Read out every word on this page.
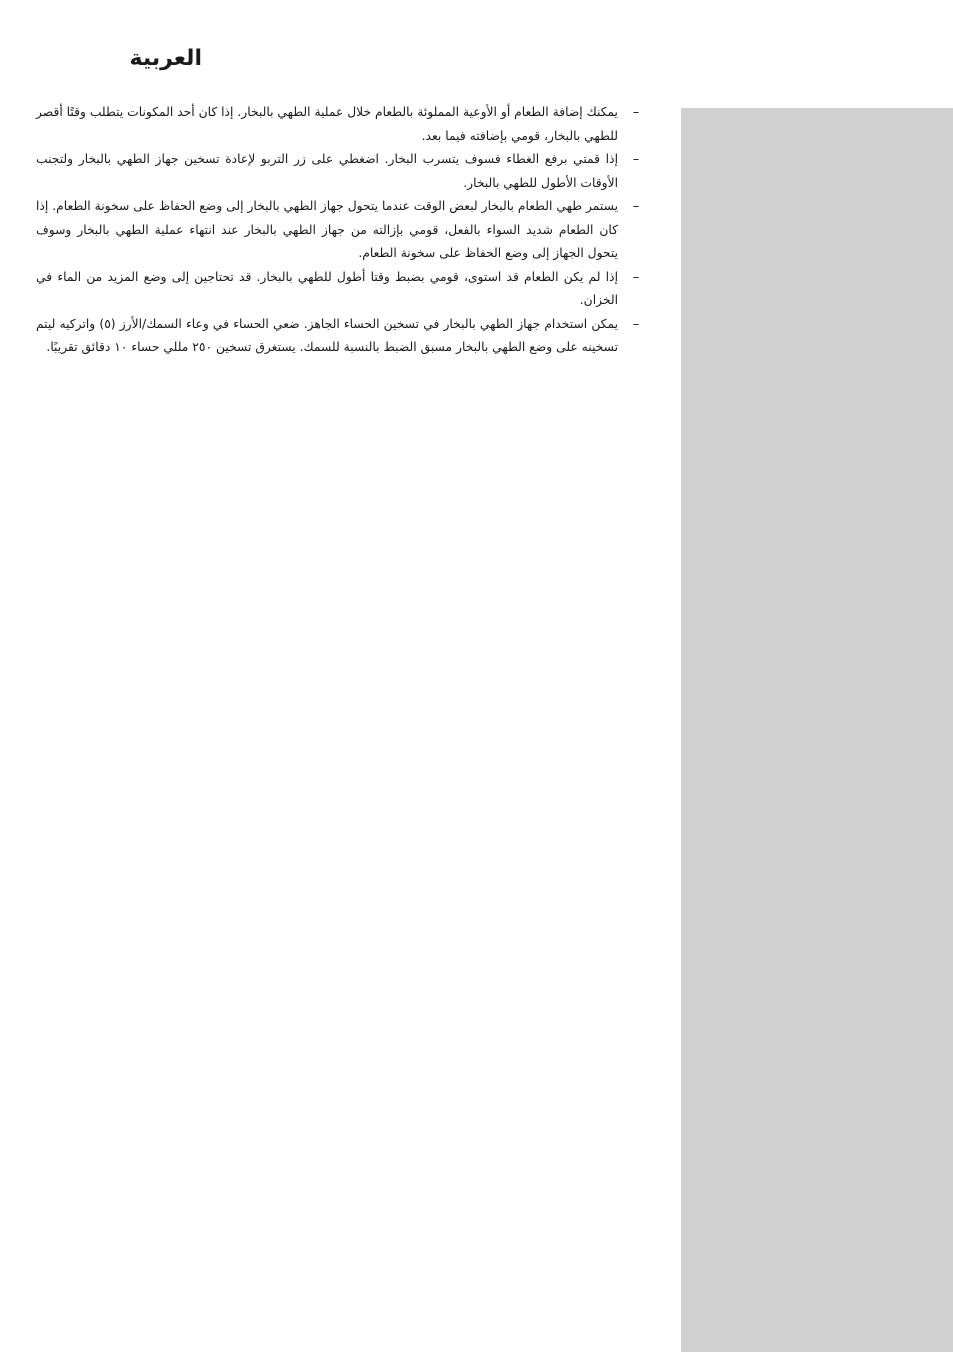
العربية
–

يمكنك إضافة الطعام أو الأوعية المملوئة بالطعام خلال عملية الطهي بالبخار. إذا كان أحد المكونات يتطلب وقتًا أقصر للطهي بالبخار، قومي بإضافته فيما بعد.

–

إذا قمتي برفع الغطاء فسوف يتسرب البخار. اضغطي على زر التربو لإعادة تسخين جهاز الطهي بالبخار ولتجنب الأوقات الأطول للطهي بالبخار.

–

يستمر طهي الطعام بالبخار لبعض الوقت عندما يتحول جهاز الطهي بالبخار إلى وضع الحفاظ على سخونة الطعام. إذا كان الطعام شديد السواء بالفعل، قومي بإزالته من جهاز الطهي بالبخار عند انتهاء عملية الطهي بالبخار وسوف يتحول الجهاز إلى وضع الحفاظ على سخونة الطعام.

–

إذا لم يكن الطعام قد استوى، قومي بضبط وقتا أطول للطهي بالبخار. قد تحتاجين إلى وضع المزيد من الماء في الخزان.

–

يمكن استخدام جهاز الطهي بالبخار في تسخين الحساء الجاهز. ضعي الحساء في وعاء السمك/الأرز (٥) واتركيه ليتم تسخينه على وضع الطهي بالبخار مسبق الضبط بالنسبة للسمك. يستغرق تسخين ٢٥٠ مللي حساء ١٠ دقائق تقريبًا.
